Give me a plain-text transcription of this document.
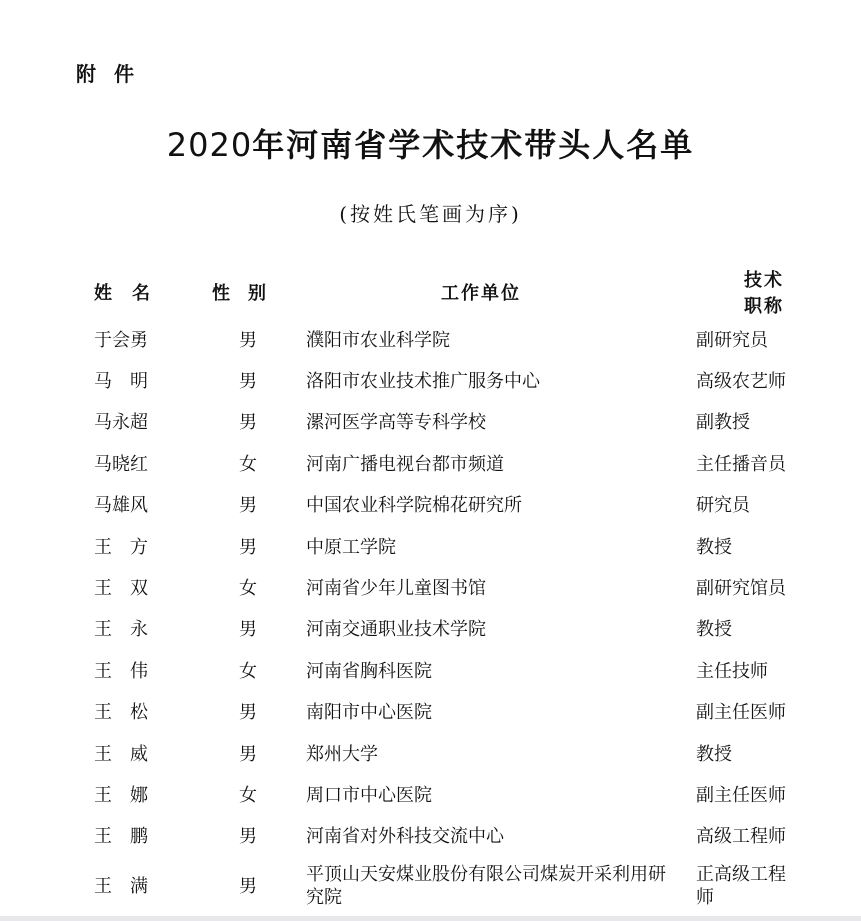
附件
2020年河南省学术技术带头人名单
(按姓氏笔画为序)
姓名	性别	工作单位	技术职称
于会勇	男	濮阳市农业科学院	副研究员
马　明	男	洛阳市农业技术推广服务中心	高级农艺师
马永超	男	漯河医学高等专科学校	副教授
马晓红	女	河南广播电视台都市频道	主任播音员
马雄风	男	中国农业科学院棉花研究所	研究员
王　方	男	中原工学院	教授
王　双	女	河南省少年儿童图书馆	副研究馆员
王　永	男	河南交通职业技术学院	教授
王　伟	女	河南省胸科医院	主任技师
王　松	男	南阳市中心医院	副主任医师
王　威	男	郑州大学	教授
王　娜	女	周口市中心医院	副主任医师
王　鹏	男	河南省对外科技交流中心	高级工程师
王　满	男	平顶山天安煤业股份有限公司煤炭开采利用研究院	正高级工程师
